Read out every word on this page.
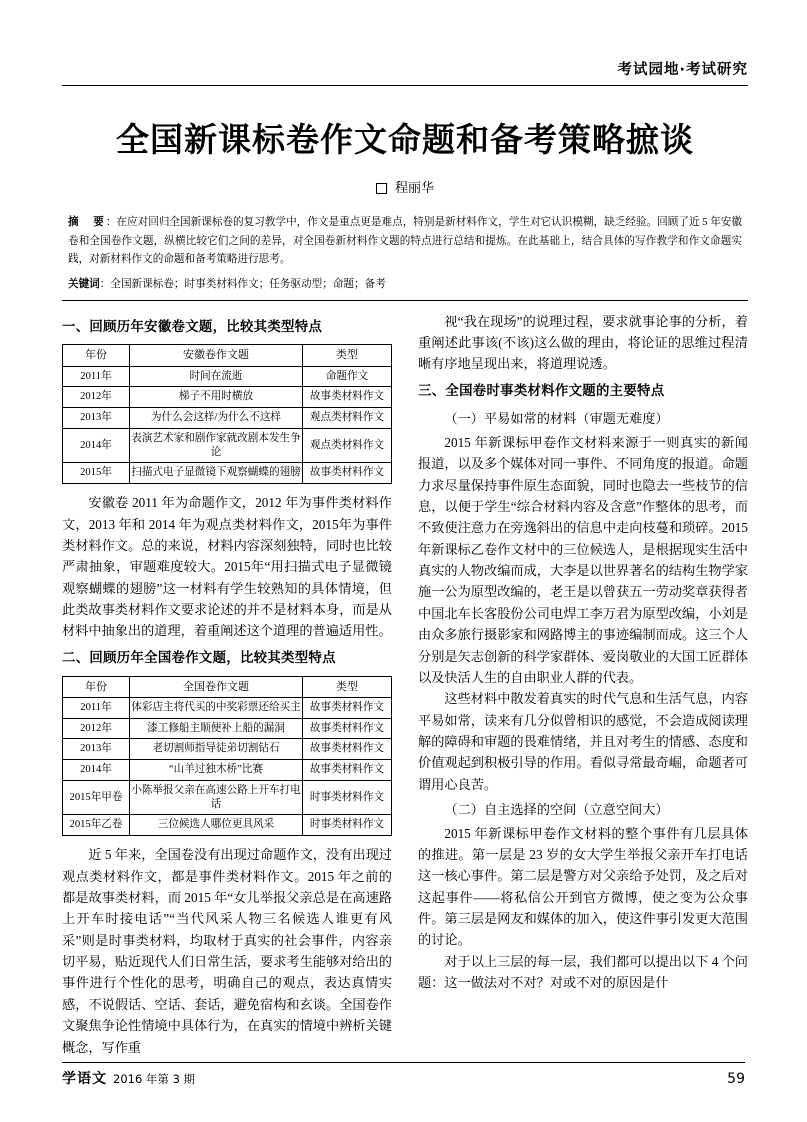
考试园地·考试研究
全国新课标卷作文命题和备考策略摭谈
程丽华
摘　要：在应对回归全国新课标卷的复习教学中，作文是重点更是难点，特别是新材料作文，学生对它认识模糊，缺乏经验。回顾了近 5 年安徽卷和全国卷作文题，纵横比较它们之间的差异，对全国卷新材料作文题的特点进行总结和提炼。在此基础上，结合具体的写作教学和作文命题实践，对新材料作文的命题和备考策略进行思考。
关键词：全国新课标卷；时事类材料作文；任务驱动型；命题；备考
一、回顾历年安徽卷文题，比较其类型特点
年份	安徽卷作文题	类型
2011年	时间在流逝	命题作文
2012年	梯子不用时横放	故事类材料作文
2013年	为什么会这样/为什么不这样	观点类材料作文
2014年	表演艺术家和剧作家就改剧本发生争论	观点类材料作文
2015年	扫描式电子显微镜下观察蝴蝶的翅膀	故事类材料作文

安徽卷 2011 年为命题作文，2012 年为事件类材料作文，2013 年和 2014 年为观点类材料作文，2015年为事件类材料作文。总的来说，材料内容深刻独特，同时也比较严肃抽象，审题难度较大。2015年“用扫描式电子显微镜观察蝴蝶的翅膀”这一材料有学生较熟知的具体情境，但此类故事类材料作文要求论述的并不是材料本身，而是从材料中抽象出的道理，着重阐述这个道理的普遍适用性。

二、回顾历年全国卷作文题，比较其类型特点
年份	全国卷作文题	类型
2011年	体彩店主将代买的中奖彩票还给买主	故事类材料作文
2012年	漆工修船主顺便补上船的漏洞	故事类材料作文
2013年	老切割师指导徒弟切割钻石	故事类材料作文
2014年	“山羊过独木桥”比赛	故事类材料作文
2015年甲卷	小陈举报父亲在高速公路上开车打电话	时事类材料作文
2015年乙卷	三位候选人哪位更具风采	时事类材料作文

近 5 年来，全国卷没有出现过命题作文，没有出现过观点类材料作文，都是事件类材料作文。2015 年之前的都是故事类材料，而 2015 年“女儿举报父亲总是在高速路上开车时接电话”“当代风采人物三名候选人谁更有风采”则是时事类材料，均取材于真实的社会事件，内容亲切平易，贴近现代人们日常生活，要求考生能够对给出的事件进行个性化的思考，明确自己的观点，表达真情实感，不说假话、空话、套话，避免宿构和玄谈。全国卷作文聚焦争论性情境中具体行为，在真实的情境中辨析关键概念，写作重

视“我在现场”的说理过程，要求就事论事的分析，着重阐述此事该(不该)这么做的理由，将论证的思维过程清晰有序地呈现出来，将道理说透。

三、全国卷时事类材料作文题的主要特点
（一）平易如常的材料（审题无难度）

2015 年新课标甲卷作文材料来源于一则真实的新闻报道，以及多个媒体对同一事件、不同角度的报道。命题力求尽量保持事件原生态面貌，同时也隐去一些枝节的信息，以便于学生“综合材料内容及含意”作整体的思考，而不致使注意力在旁逸斜出的信息中走向枝蔓和琐碎。2015 年新课标乙卷作文材中的三位候选人，是根据现实生活中真实的人物改编而成，大李是以世界著名的结构生物学家施一公为原型改编的，老王是以曾获五一劳动奖章获得者中国北车长客股份公司电焊工李万君为原型改编，小刘是由众多旅行摄影家和网路博主的事迹编制而成。这三个人分别是矢志创新的科学家群体、爱岗敬业的大国工匠群体以及快活人生的自由职业人群的代表。

这些材料中散发着真实的时代气息和生活气息，内容平易如常，读来有几分似曾相识的感觉，不会造成阅读理解的障碍和审题的畏难情绪，并且对考生的情感、态度和价值观起到积极引导的作用。看似寻常最奇崛，命题者可谓用心良苦。

（二）自主选择的空间（立意空间大）

2015 年新课标甲卷作文材料的整个事件有几层具体的推进。第一层是 23 岁的女大学生举报父亲开车打电话这一核心事件。第二层是警方对父亲给予处罚，及之后对这起事件——将私信公开到官方微博，使之变为公众事件。第三层是网友和媒体的加入，使这件事引发更大范围的讨论。

对于以上三层的每一层，我们都可以提出以下 4 个问题：这一做法对不对？对或不对的原因是什

学语文 2016 年第 3 期	59
